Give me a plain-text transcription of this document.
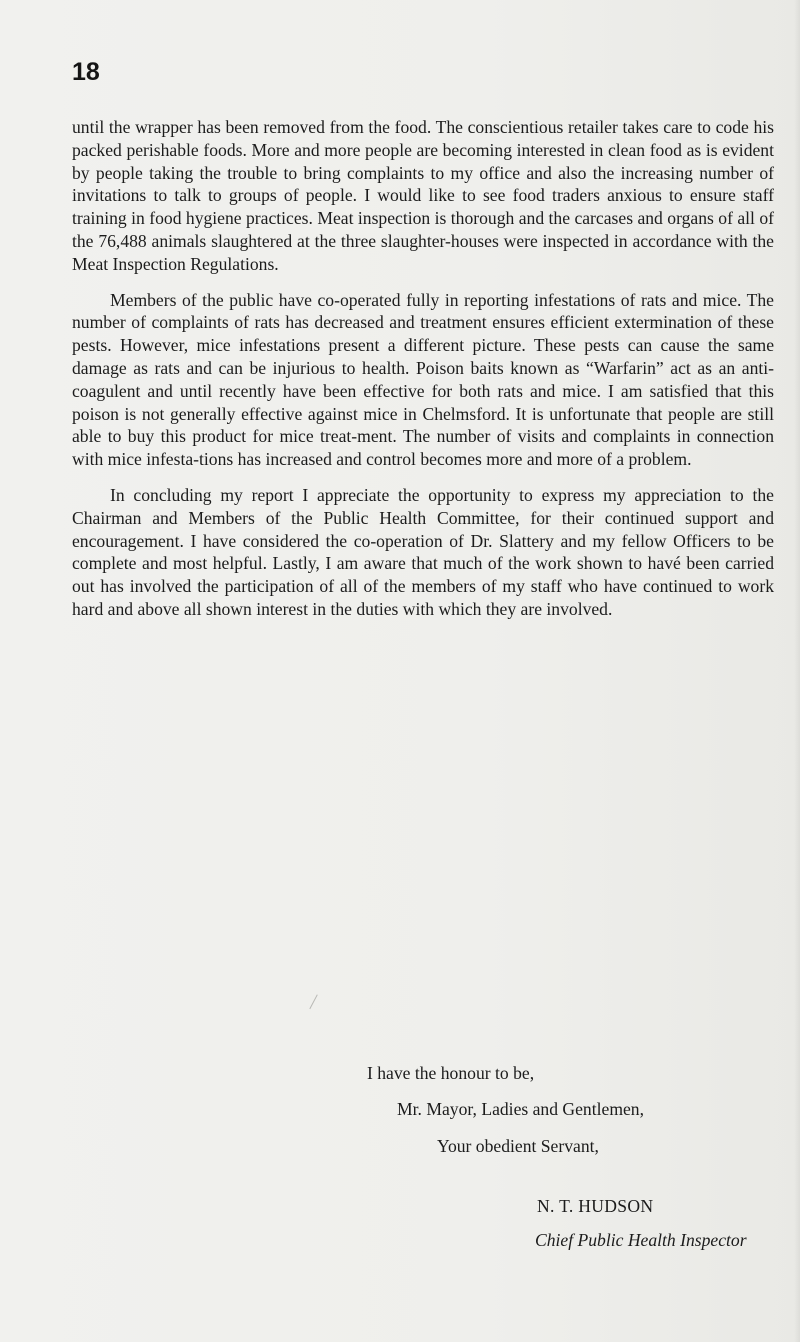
18

until the wrapper has been removed from the food. The conscientious retailer takes care to code his packed perishable foods. More and more people are becoming interested in clean food as is evident by people taking the trouble to bring complaints to my office and also the increasing number of invitations to talk to groups of people. I would like to see food traders anxious to ensure staff training in food hygiene practices. Meat inspection is thorough and the carcases and organs of all of the 76,488 animals slaughtered at the three slaughter-houses were inspected in accordance with the Meat Inspection Regulations.

Members of the public have co-operated fully in reporting infestations of rats and mice. The number of complaints of rats has decreased and treatment ensures efficient extermination of these pests. However, mice infestations present a different picture. These pests can cause the same damage as rats and can be injurious to health. Poison baits known as “Warfarin” act as an anti-coagulent and until recently have been effective for both rats and mice. I am satisfied that this poison is not generally effective against mice in Chelmsford. It is unfortunate that people are still able to buy this product for mice treat-ment. The number of visits and complaints in connection with mice infesta-tions has increased and control becomes more and more of a problem.

In concluding my report I appreciate the opportunity to express my appreciation to the Chairman and Members of the Public Health Committee, for their continued support and encouragement. I have considered the co-operation of Dr. Slattery and my fellow Officers to be complete and most helpful. Lastly, I am aware that much of the work shown to havé been carried out has involved the participation of all of the members of my staff who have continued to work hard and above all shown interest in the duties with which they are involved.

I have the honour to be,

Mr. Mayor, Ladies and Gentlemen,

Your obedient Servant,

N. T. HUDSON

Chief Public Health Inspector
